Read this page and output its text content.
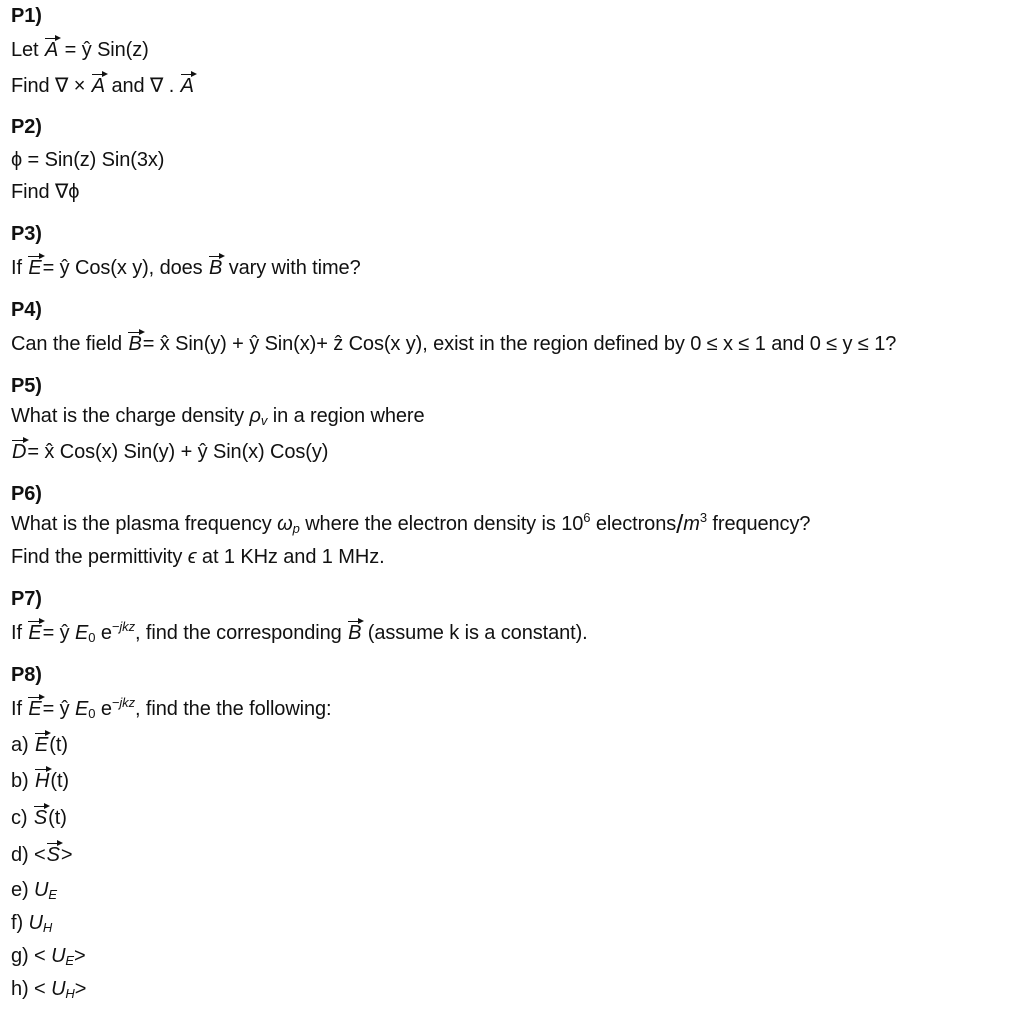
P1)
Let A = ŷ Sin(z)
Find ∇ × A and ∇ . A
P2)
ϕ = Sin(z) Sin(3x)
Find ∇ϕ
P3)
If E= ŷ Cos(x y), does B vary with time?
P4)
Can the field B= x̂ Sin(y) + ŷ Sin(x)+ ẑ Cos(x y), exist in the region defined by 0 ≤ x ≤ 1 and 0 ≤ y ≤ 1?
P5)
What is the charge density $\rho_v$ in a region where
D= x̂ Cos(x) Sin(y) + ŷ Sin(x) Cos(y)
P6)
What is the plasma frequency $\omega_p$ where the electron density is $10^6$ electrons/$m^3$ frequency?
Find the permittivity ϵ at 1 KHz and 1 MHz.
P7)
If E= ŷ $E_0$ $e^{-jkz}$, find the corresponding B (assume k is a constant).
P8)
If E= ŷ $E_0$ $e^{-jkz}$, find the the following:
a) E(t)
b) H(t)
c) S(t)
d) <S>
e) $U_E$
f) $U_H$
$g) < U_E>$
$h) < U_H>$
